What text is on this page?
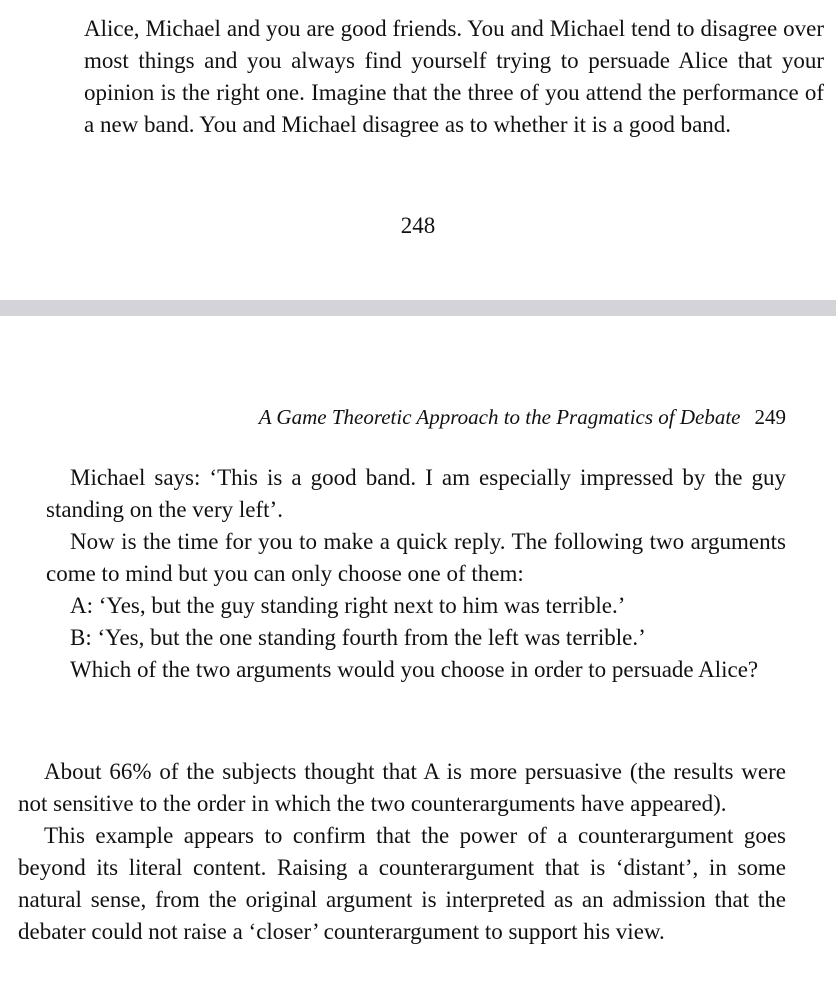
Alice, Michael and you are good friends. You and Michael tend to disagree over most things and you always find yourself trying to persuade Alice that your opinion is the right one. Imagine that the three of you attend the performance of a new band. You and Michael disagree as to whether it is a good band.

248
A Game Theoretic Approach to the Pragmatics of Debate 249

Michael says: ‘This is a good band. I am especially impressed by the guy standing on the very left’.

Now is the time for you to make a quick reply. The following two arguments come to mind but you can only choose one of them:

A: ‘Yes, but the guy standing right next to him was terrible.’

B: ‘Yes, but the one standing fourth from the left was terrible.’

Which of the two arguments would you choose in order to persuade Alice?

About 66% of the subjects thought that A is more persuasive (the results were not sensitive to the order in which the two counterarguments have appeared).

This example appears to confirm that the power of a counterargument goes beyond its literal content. Raising a counterargument that is ‘distant’, in some natural sense, from the original argument is interpreted as an admission that the debater could not raise a ‘closer’ counterargument to support his view.
